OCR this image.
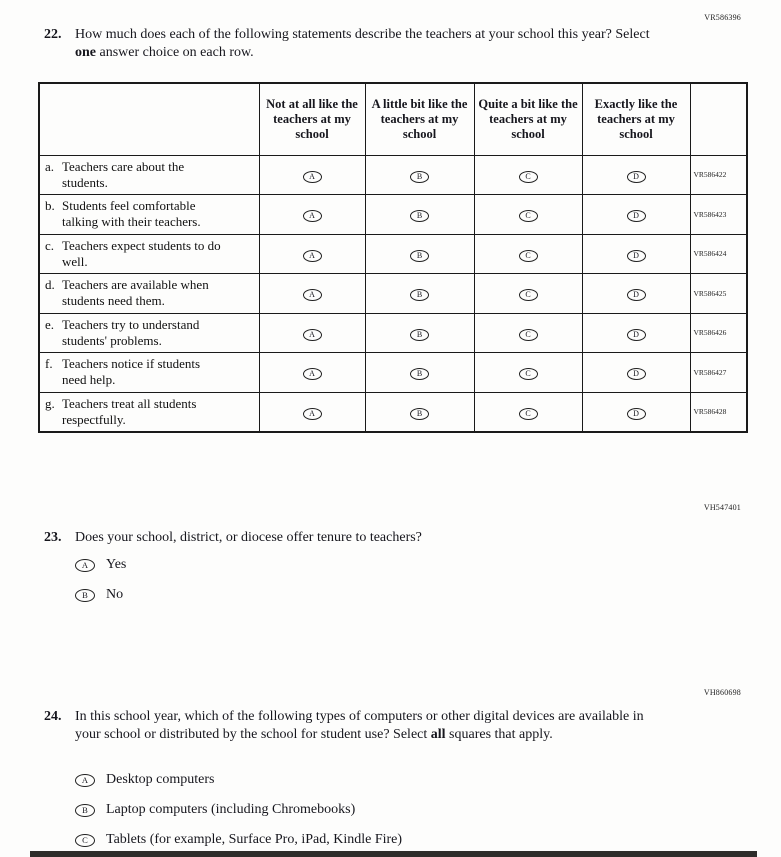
VR586396
22. How much does each of the following statements describe the teachers at your school this year? Select one answer choice on each row.
	Not at all like the teachers at my school	A little bit like the teachers at my school	Quite a bit like the teachers at my school	Exactly like the teachers at my school	

a. Teachers care about the students.	A	B	C	D	VR586422

b. Students feel comfortable talking with their teachers.	A	B	C	D	VR586423

c. Teachers expect students to do well.	A	B	C	D	VR586424

d. Teachers are available when students need them.	A	B	C	D	VR586425

e. Teachers try to understand students' problems.	A	B	C	D	VR586426

f. Teachers notice if students need help.	A	B	C	D	VR586427

g. Teachers treat all students respectfully.	A	B	C	D	VR586428
VH547401
23. Does your school, district, or diocese offer tenure to teachers?
A	Yes
B	No
VH860698
24. In this school year, which of the following types of computers or other digital devices are available in your school or distributed by the school for student use? Select all squares that apply.
A	Desktop computers
B	Laptop computers (including Chromebooks)
C	Tablets (for example, Surface Pro, iPad, Kindle Fire)
